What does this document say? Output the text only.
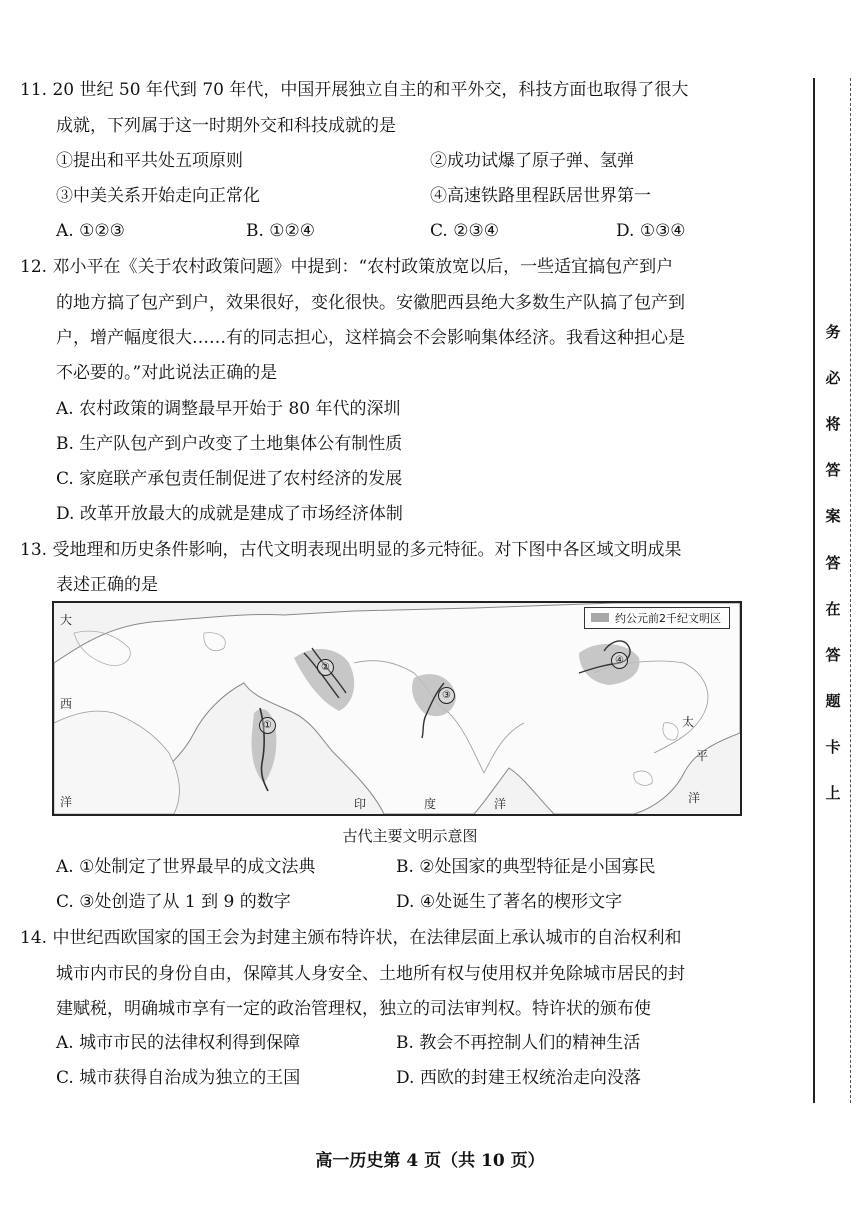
11. 20 世纪 50 年代到 70 年代，中国开展独立自主的和平外交，科技方面也取得了很大
成就，下列属于这一时期外交和科技成就的是
①提出和平共处五项原则	②成功试爆了原子弹、氢弹
③中美关系开始走向正常化	④高速铁路里程跃居世界第一
A. ①②③	B. ①②④	C. ②③④	D. ①③④
12. 邓小平在《关于农村政策问题》中提到：“农村政策放宽以后，一些适宜搞包产到户
的地方搞了包产到户，效果很好，变化很快。安徽肥西县绝大多数生产队搞了包产到
户，增产幅度很大……有的同志担心，这样搞会不会影响集体经济。我看这种担心是
不必要的。”对此说法正确的是
A. 农村政策的调整最早开始于 80 年代的深圳
B. 生产队包产到户改变了土地集体公有制性质
C. 家庭联产承包责任制促进了农村经济的发展
D. 改革开放最大的成就是建成了市场经济体制
13. 受地理和历史条件影响，古代文明表现出明显的多元特征。对下图中各区域文明成果
表述正确的是
古代主要文明示意图
A. ①处制定了世界最早的成文法典	B. ②处国家的典型特征是小国寡民
C. ③处创造了从 1 到 9 的数字	D. ④处诞生了著名的楔形文字
14. 中世纪西欧国家的国王会为封建主颁布特许状，在法律层面上承认城市的自治权利和
城市内市民的身份自由，保障其人身安全、土地所有权与使用权并免除城市居民的封
建赋税，明确城市享有一定的政治管理权，独立的司法审判权。特许状的颁布使
A. 城市市民的法律权利得到保障	B. 教会不再控制人们的精神生活
C. 城市获得自治成为独立的王国	D. 西欧的封建王权统治走向没落
约公元前2千纪文明区
大
西
洋	印	度	洋
太
平
洋
①
②
③
④
务
必
将
答
案
答
在
答
题
卡
上
高一历史第 4 页（共 10 页）
